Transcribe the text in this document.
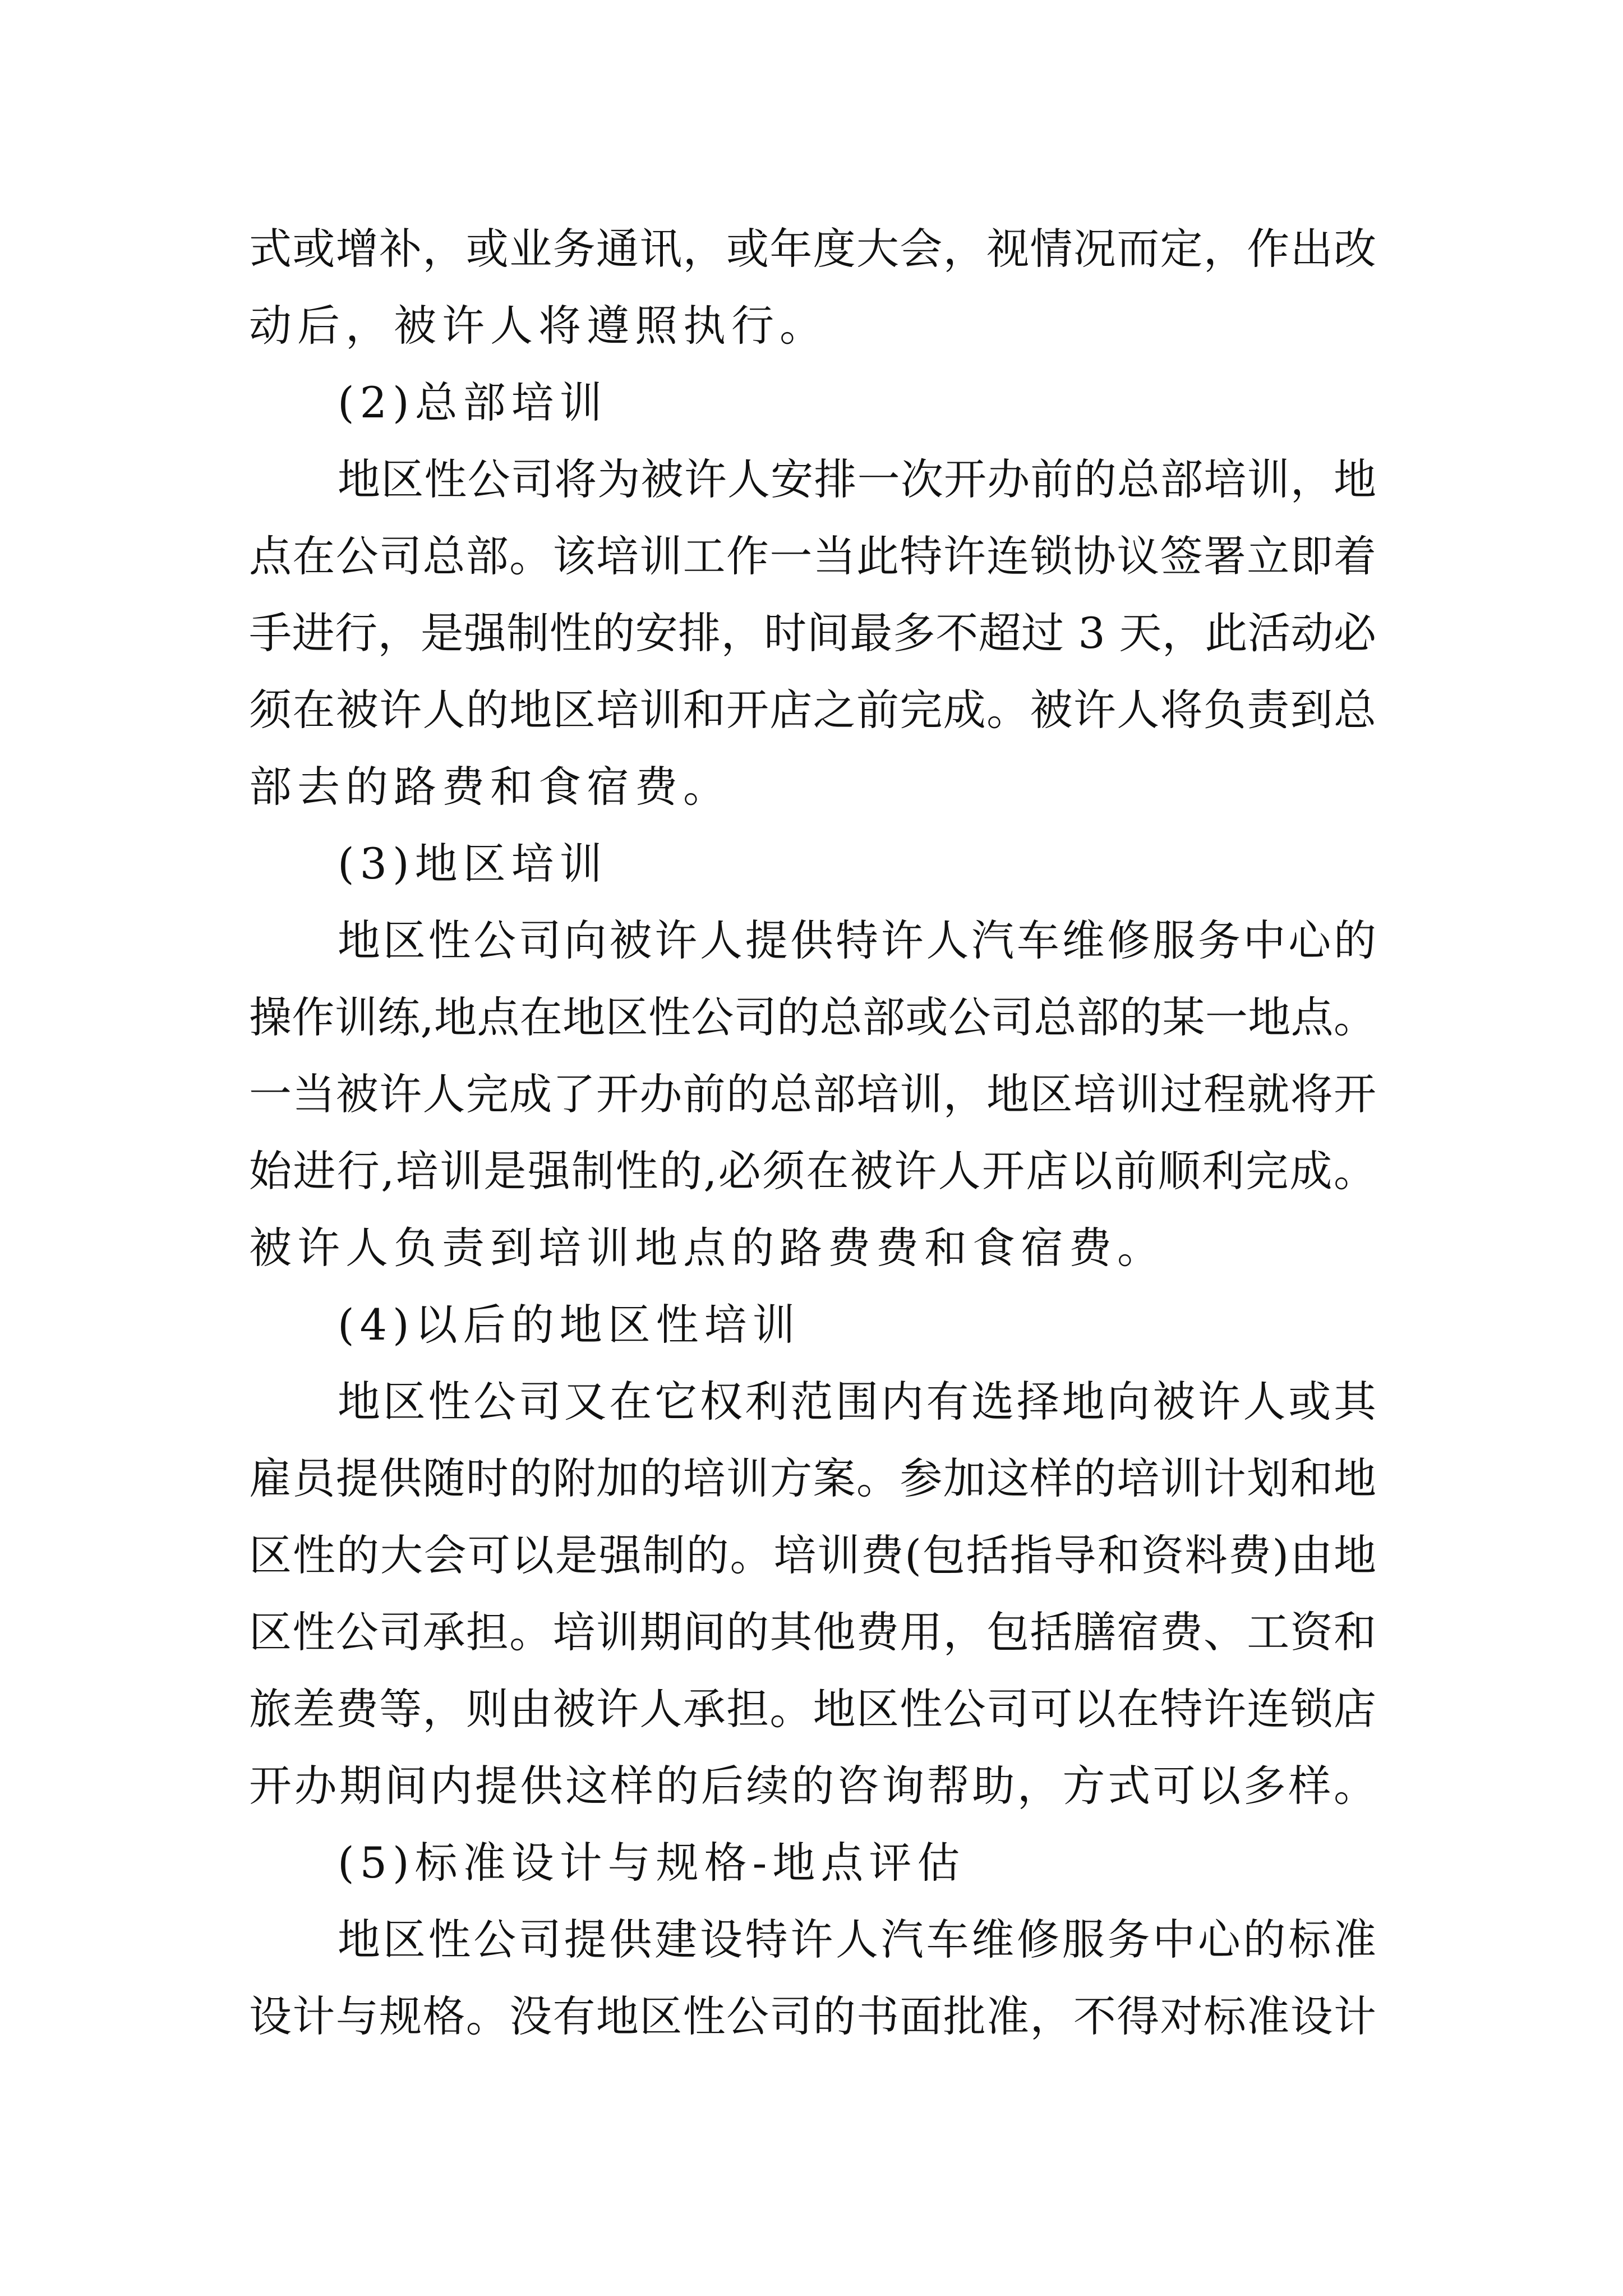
式或增补，或业务通讯，或年度大会，视情况而定，作出改
动后，被许人将遵照执行。
(2)总部培训
地区性公司将为被许人安排一次开办前的总部培训，地
点在公司总部。该培训工作一当此特许连锁协议签署立即着
手进行，是强制性的安排，时间最多不超过 3 天，此活动必
须在被许人的地区培训和开店之前完成。被许人将负责到总
部去的路费和食宿费。
(3)地区培训
地区性公司向被许人提供特许人汽车维修服务中心的
操作训练,地点在地区性公司的总部或公司总部的某一地点。
一当被许人完成了开办前的总部培训，地区培训过程就将开
始进行,培训是强制性的,必须在被许人开店以前顺利完成。
被许人负责到培训地点的路费费和食宿费。
(4)以后的地区性培训
地区性公司又在它权利范围内有选择地向被许人或其
雇员提供随时的附加的培训方案。参加这样的培训计划和地
区性的大会可以是强制的。培训费(包括指导和资料费)由地
区性公司承担。培训期间的其他费用，包括膳宿费、工资和
旅差费等，则由被许人承担。地区性公司可以在特许连锁店
开办期间内提供这样的后续的咨询帮助，方式可以多样。
(5)标准设计与规格-地点评估
地区性公司提供建设特许人汽车维修服务中心的标准
设计与规格。没有地区性公司的书面批准，不得对标准设计
